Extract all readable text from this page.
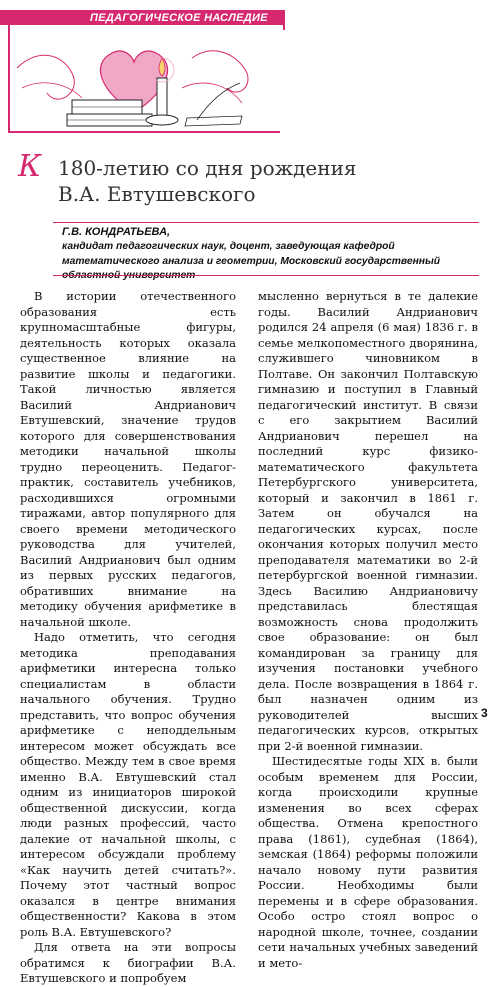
ПЕДАГОГИЧЕСКОЕ НАСЛЕДИЕ
К 180-летию со дня рождения
В.А. Евтушевского
Г.В. КОНДРАТЬЕВА,
кандидат педагогических наук, доцент, заведующая кафедрой математического анализа и геометрии, Московский государственный

В истории отечественного образования есть крупномасштабные фигуры, деятельность которых оказала существенное влияние на развитие школы и педагогики. Такой личностью является Василий Андрианович Евтушевский, значение трудов которого для совершенствования методики начальной школы трудно переоценить. Педагог-практик, составитель учебников, расходившихся огромными тиражами, автор популярного для своего времени методического руководства для учителей, Василий Андрианович был одним из первых русских педагогов, обративших внимание на методику обучения арифметике в начальной школе.

Надо отметить, что сегодня методика преподавания арифметики интересна только специалистам в области начального обучения. Трудно представить, что вопрос обучения арифметике с неподдельным интересом может обсуждать все общество. Между тем в свое время именно В.А. Евтушевский стал одним из инициаторов широкой общественной дискуссии, когда люди разных профессий, часто далекие от начальной школы, с интересом обсуждали проблему «Как научить детей считать?». Почему этот частный вопрос оказался в центре внимания общественности? Какова в этом роль В.А. Евтушевского?

Для ответа на эти вопросы обратимся к биографии В.А. Евтушевского и попробуем

мысленно вернуться в те далекие годы. Василий Андрианович родился 24 апреля (6 мая) 1836 г. в семье мелкопоместного дворянина, служившего чиновником в Полтаве. Он закончил Полтавскую гимназию и поступил в Главный педагогический институт. В связи с его закрытием Василий Андрианович перешел на последний курс физико-математического факультета Петербургского университета, который и закончил в 1861 г. Затем он обучался на педагогических курсах, после окончания которых получил место преподавателя математики во 2-й петербургской военной гимназии. Здесь Василию Андриановичу представилась блестящая возможность снова продолжить свое образование: он был командирован за границу для изучения постановки учебного дела. После возвращения в 1864 г. был назначен одним из руководителей высших педагогических курсов, открытых при 2-й военной гимназии.

Шестидесятые годы XIX в. были особым временем для России, когда происходили крупные изменения во всех сферах общества. Отмена крепостного права (1861), судебная (1864), земская (1864) реформы положили начало новому пути развития России. Необходимы были перемены и в сфере образования. Особо остро стоял вопрос о народной школе, точнее, создании сети начальных учебных заведений и мето-

3
